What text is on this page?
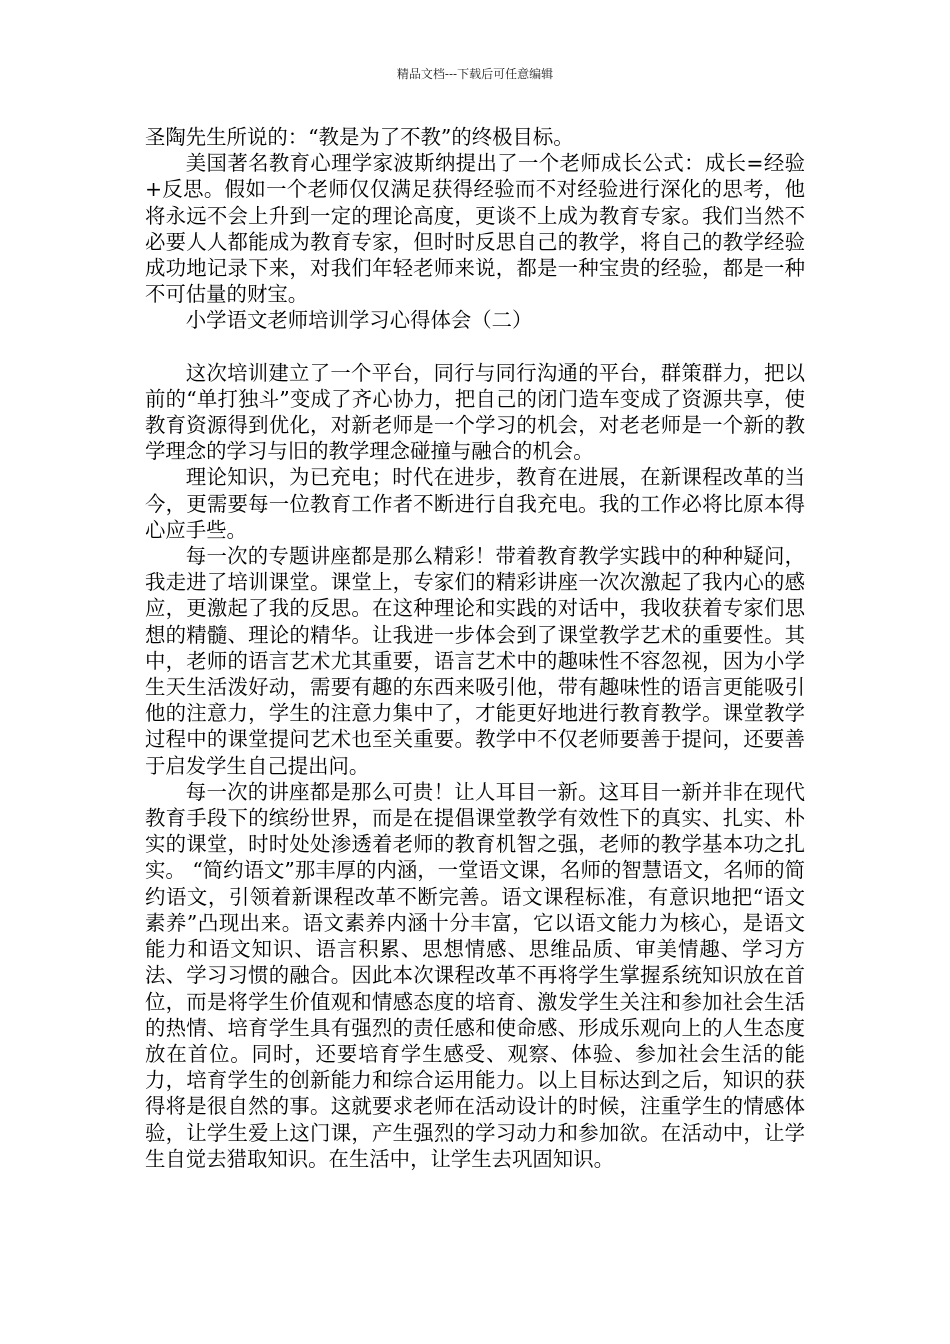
精品文档---下载后可任意编辑

圣陶先生所说的：“教是为了不教”的终极目标。

美国著名教育心理学家波斯纳提出了一个老师成长公式：成长=经验+反思。假如一个老师仅仅满足获得经验而不对经验进行深化的思考，他将永远不会上升到一定的理论高度，更谈不上成为教育专家。我们当然不必要人人都能成为教育专家，但时时反思自己的教学，将自己的教学经验成功地记录下来，对我们年轻老师来说，都是一种宝贵的经验，都是一种不可估量的财宝。

小学语文老师培训学习心得体会（二）

这次培训建立了一个平台，同行与同行沟通的平台，群策群力，把以前的“单打独斗”变成了齐心协力，把自己的闭门造车变成了资源共享，使教育资源得到优化，对新老师是一个学习的机会，对老老师是一个新的教学理念的学习与旧的教学理念碰撞与融合的机会。

理论知识，为已充电；时代在进步，教育在进展，在新课程改革的当今，更需要每一位教育工作者不断进行自我充电。我的工作必将比原本得心应手些。

每一次的专题讲座都是那么精彩！带着教育教学实践中的种种疑问，我走进了培训课堂。课堂上，专家们的精彩讲座一次次激起了我内心的感应，更激起了我的反思。在这种理论和实践的对话中，我收获着专家们思想的精髓、理论的精华。让我进一步体会到了课堂教学艺术的重要性。其中，老师的语言艺术尤其重要，语言艺术中的趣味性不容忽视，因为小学生天生活泼好动，需要有趣的东西来吸引他，带有趣味性的语言更能吸引他的注意力，学生的注意力集中了，才能更好地进行教育教学。课堂教学过程中的课堂提问艺术也至关重要。教学中不仅老师要善于提问，还要善于启发学生自己提出问。

每一次的讲座都是那么可贵！让人耳目一新。这耳目一新并非在现代教育手段下的缤纷世界，而是在提倡课堂教学有效性下的真实、扎实、朴实的课堂，时时处处渗透着老师的教育机智之强，老师的教学基本功之扎实。 “简约语文”那丰厚的内涵，一堂语文课，名师的智慧语文，名师的简约语文，引领着新课程改革不断完善。语文课程标准，有意识地把“语文素养”凸现出来。语文素养内涵十分丰富，它以语文能力为核心，是语文能力和语文知识、语言积累、思想情感、思维品质、审美情趣、学习方法、学习习惯的融合。因此本次课程改革不再将学生掌握系统知识放在首位，而是将学生价值观和情感态度的培育、激发学生关注和参加社会生活的热情、培育学生具有强烈的责任感和使命感、形成乐观向上的人生态度放在首位。同时，还要培育学生感受、观察、体验、参加社会生活的能力，培育学生的创新能力和综合运用能力。以上目标达到之后，知识的获得将是很自然的事。这就要求老师在活动设计的时候，注重学生的情感体验，让学生爱上这门课，产生强烈的学习动力和参加欲。在活动中，让学生自觉去猎取知识。在生活中，让学生去巩固知识。
